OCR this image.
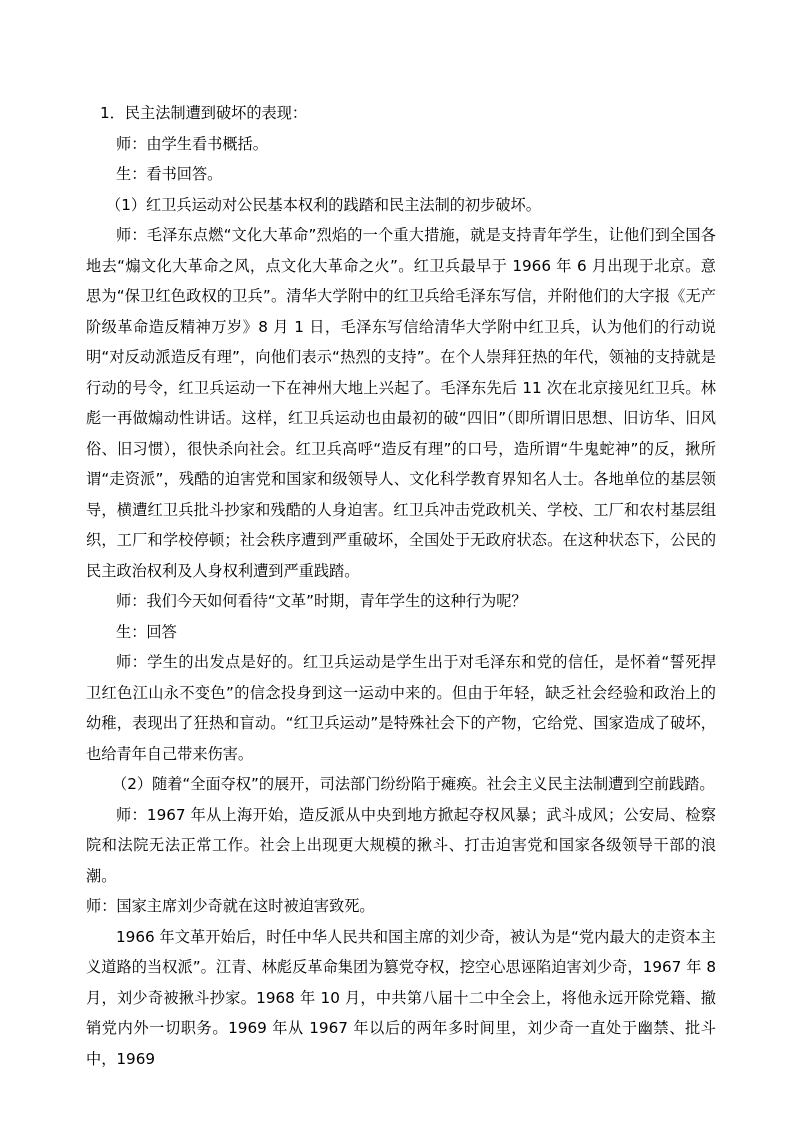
1．民主法制遭到破坏的表现：

师：由学生看书概括。

生：看书回答。

（1）红卫兵运动对公民基本权利的践踏和民主法制的初步破坏。

师：毛泽东点燃“文化大革命”烈焰的一个重大措施，就是支持青年学生，让他们到全国各地去“煽文化大革命之风，点文化大革命之火”。红卫兵最早于 1966 年 6 月出现于北京。意思为“保卫红色政权的卫兵”。清华大学附中的红卫兵给毛泽东写信，并附他们的大字报《无产阶级革命造反精神万岁》8 月 1 日，毛泽东写信给清华大学附中红卫兵，认为他们的行动说明“对反动派造反有理”，向他们表示“热烈的支持”。在个人崇拜狂热的年代，领袖的支持就是行动的号令，红卫兵运动一下在神州大地上兴起了。毛泽东先后 11 次在北京接见红卫兵。林彪一再做煽动性讲话。这样，红卫兵运动也由最初的破“四旧”（即所谓旧思想、旧访华、旧风俗、旧习惯），很快杀向社会。红卫兵高呼“造反有理”的口号，造所谓“牛鬼蛇神”的反，揪所谓“走资派”，残酷的迫害党和国家和级领导人、文化科学教育界知名人士。各地单位的基层领导，横遭红卫兵批斗抄家和残酷的人身迫害。红卫兵冲击党政机关、学校、工厂和农村基层组织，工厂和学校停顿；社会秩序遭到严重破坏，全国处于无政府状态。在这种状态下，公民的民主政治权利及人身权利遭到严重践踏。

师：我们今天如何看待“文革”时期，青年学生的这种行为呢？

生：回答

师：学生的出发点是好的。红卫兵运动是学生出于对毛泽东和党的信任，是怀着“誓死捍卫红色江山永不变色”的信念投身到这一运动中来的。但由于年轻，缺乏社会经验和政治上的幼稚，表现出了狂热和盲动。“红卫兵运动”是特殊社会下的产物，它给党、国家造成了破坏，也给青年自己带来伤害。

（2）随着“全面夺权”的展开，司法部门纷纷陷于瘫痪。社会主义民主法制遭到空前践踏。

师：1967 年从上海开始，造反派从中央到地方掀起夺权风暴；武斗成风；公安局、检察院和法院无法正常工作。社会上出现更大规模的揪斗、打击迫害党和国家各级领导干部的浪潮。

师：国家主席刘少奇就在这时被迫害致死。

1966 年文革开始后，时任中华人民共和国主席的刘少奇，被认为是“党内最大的走资本主义道路的当权派”。江青、林彪反革命集团为篡党夺权，挖空心思诬陷迫害刘少奇，1967 年 8 月，刘少奇被揪斗抄家。1968 年 10 月，中共第八届十二中全会上，将他永远开除党籍、撤销党内外一切职务。1969 年从 1967 年以后的两年多时间里，刘少奇一直处于幽禁、批斗中，1969
